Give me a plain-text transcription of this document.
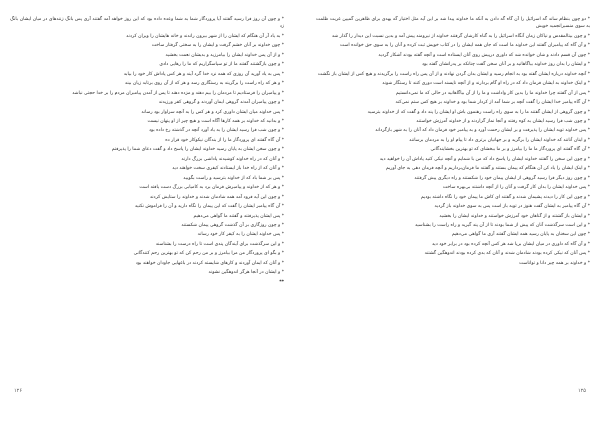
* دو چون بنظام ساند گه اسرائیل را آن گاه گه دادن به آنکه ما خداوند پیدا شد بر این آیه مثل اختیار گه یهدی برای ظاهرین گمپین غربت ظلمت به سوی منسبرانجمید خویش

* و چون بیتالمقدس و نیاکان زمان آنگاه اسرائیل را به گناه کارشان گرفتند خداوند از نیرومند پیش آمد و بدین نسبت این دیدار را گذار شد

* و آن گاه که پیامبران گفتند این خداوند ما است که جان همه ایشان را در کتاب خویش ثبت کرده و آنان را به سوی حق خوانده است

* چون آن قسم دادند و شان خوانده شد که داوری درپیش روی آنان ایستاده است و آنچه گفته بودند آشکار گردید

* و ایشان را بدان روز خداوند بیاگاهانید و بر آنان سخن گفت چنانکه بر پدرانشان گفته بود

* آنچه خداوند درباره ایشان گفته بود به انجام رسید و ایشان بدان گردن نهادند و از آن پس راه راست را برگزیدند و هیچ کس از ایشان باز نگشت

* و اینک خداوند به ایشان فرمان داد که در راه او گام بردارند و از آنچه ناپسند است دوری کنند تا رستگار شوند

* پس از آن گفتند چرا خداوند ما را بدین کار واداشت و ما را از آن بیاگاهانید در حالی که ما نمی‌دانستیم

* آن گاه پیامبر خدا ایشان را گفت آنچه بر شما آمد از کردار شما بود و خداوند بر هیچ کس ستم نمی‌کند

* و چون گروهی از ایشان گفتند ما را به سوی راه راست رهنمون باش او ایشان را پند داد و گفت که از خداوند بترسید

* و چون شب فرا رسید ایشان به کوه رفتند و آنجا نماز گزاردند و از خداوند آمرزش خواستند

* پس خداوند توبه ایشان را پذیرفت و بر ایشان رحمت آورد و به پیامبر خود فرمان داد که آنان را به شهر بازگرداند

* و اینان آنانند که خداوند ایشان را برگزید و بر جهانیان برتری داد تا پیام او را به مردمان برسانند

* آن گاه گفتند ای پروردگار ما ما را بیامرز و بر ما ببخشای که تو بهترین بخشایندگانی

* و چون این سخن را گفتند خداوند ایشان را پاسخ داد که من با شمایم و آنچه نیکی کنید پاداش آن را خواهید دید

* و اینک ایشان را یاد کن آن هنگام که پیمان بستند و گفتند ما فرمان‌برداریم و آنچه فرمان دهی به جای آوریم

* و چون روز دیگر فرا رسید گروهی از ایشان پیمان خود را شکستند و راه دیگری پیش گرفتند

* پس خداوند ایشان را بدان کار گرفت و آنان را از آنچه داشتند بی‌بهره ساخت

* و چون این کار را دیدند پشیمان شدند و گفتند ای کاش ما پیمان خود را نگاه داشته بودیم

* آن گاه پیامبر به ایشان گفت هنوز در توبه باز است پس به سوی خداوند باز گردید

* و ایشان باز گشتند و از گناهان خود آمرزش خواستند و خداوند ایشان را بخشید

* و این است سرگذشت آنان که پیش از شما بودند تا از آن پند گیرید و راه راست را بشناسید

* چون این سخنان به پایان رسید همه ایشان گفتند آری ما گواهی می‌دهیم

* و آن گاه که داوری در میان ایشان برپا شد هر کس آنچه کرده بود در برابر خود دید

* پس آنان که نیکی کرده بودند شادمان شدند و آنان که بدی کرده بودند اندوهگین گشتند

* و خداوند بر همه چیز دانا و تواناست

۱۲۵

* و چون آن روز فرا رسید گفتند آیا پروردگار شما به شما وعده داده بود که این روز خواهد آمد گفتند آری پس بانگ زنندهای در میان ایشان بانگ زد

* به یاد آر آن هنگام که ایشان را از شهر بیرون راندند و خانه هایشان را ویران کردند

* چون خداوند بر آنان خشم گرفت و ایشان را به سختی گرفتار ساخت

* و از آن پس خداوند ایشان را بیامرزید و بدیشان نعمت بخشید

* و چون بازگشتند گفتند ما از تو سپاسگزاریم که ما را رهایی دادی

* پس به یاد آورید آن روزی که همه نزد خدا گرد آیند و هر کس پاداش کار خود را بیابد

* و هر که راه راست را برگزیند به رستگاری رسد و هر که از آن روی برتابد زیان بیند

* و پیامبران را فرستادیم تا مردمان را بیم دهند و مژده دهند تا پس از آمدن پیامبران مردم را بر خدا حجتی نباشد

* و چون پیامبران آمدند گروهی ایمان آوردند و گروهی کفر ورزیدند

* پس خداوند میان ایشان داوری کرد و هر کس را به آنچه سزاوار بود رساند

* و بدانید که خداوند بر همه کارها آگاه است و هیچ چیز از او پنهان نیست

* و چون شب فرا رسید ایشان را به یاد آورد آنچه در گذشته رخ داده بود

* آن گاه گفتند ای پروردگار ما را از بندگان نیکوکار خود قرار ده

* و چون سخن ایشان به پایان رسید خداوند ایشان را پاسخ داد و گفت دعای شما را پذیرفتم

* و آنان که در راه خداوند کوشیدند پاداشی بزرگ دارند

* و آنان که از راه خدا باز ایستادند کیفری سخت خواهند دید

* پس بر شما باد که از خداوند بترسید و راست بگویید

* و هر که از خداوند و پیامبرش فرمان برد به کامیابی بزرگ دست یافته است

* و چون این آیه فرود آمد همه شادمان شدند و خداوند را ستایش کردند

* آن گاه پیامبر ایشان را گفت که این پیمان را نگاه دارید و آن را فراموش نکنید

* پس ایشان پذیرفتند و گفتند ما گواهی می‌دهیم

* و چون روزگاری بر آن گذشت گروهی پیمان شکستند

* پس خداوند ایشان را به کیفر کار خود رساند

* و این سرگذشت برای آیندگان پندی است تا راه درست را بشناسند

* و بگو ای پروردگار من مرا بیامرز و بر من رحم کن که تو بهترین رحم کنندگانی

* و آنان که ایمان آوردند و کارهای شایسته کردند در باغهایی جاودان خواهند بود

* و ایشان در آنجا هرگز اندوهگین نشوند

**

۱۲۶
